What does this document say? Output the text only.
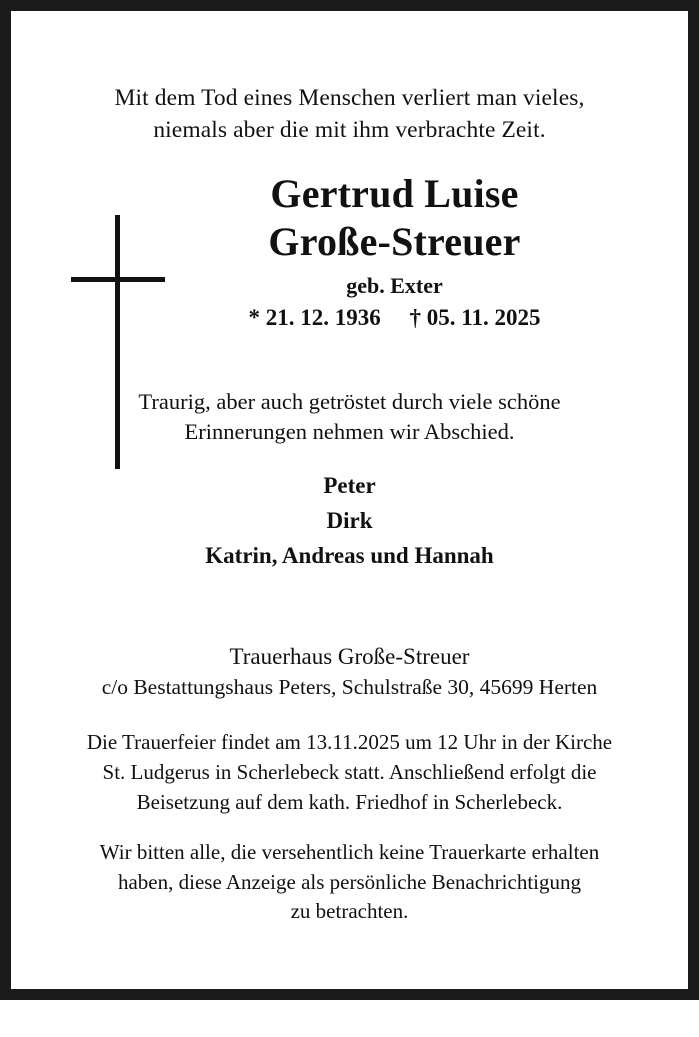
Mit dem Tod eines Menschen verliert man vieles,
niemals aber die mit ihm verbrachte Zeit.
Gertrud Luise
Große-Streuer
geb. Exter
* 21. 12. 1936     † 05. 11. 2025
Traurig, aber auch getröstet durch viele schöne
Erinnerungen nehmen wir Abschied.
Peter
Dirk
Katrin, Andreas und Hannah
Trauerhaus Große-Streuer
c/o Bestattungshaus Peters, Schulstraße 30, 45699 Herten
Die Trauerfeier findet am 13.11.2025 um 12 Uhr in der Kirche
St. Ludgerus in Scherlebeck statt. Anschließend erfolgt die
Beisetzung auf dem kath. Friedhof in Scherlebeck.
Wir bitten alle, die versehentlich keine Trauerkarte erhalten
haben, diese Anzeige als persönliche Benachrichtigung
zu betrachten.
